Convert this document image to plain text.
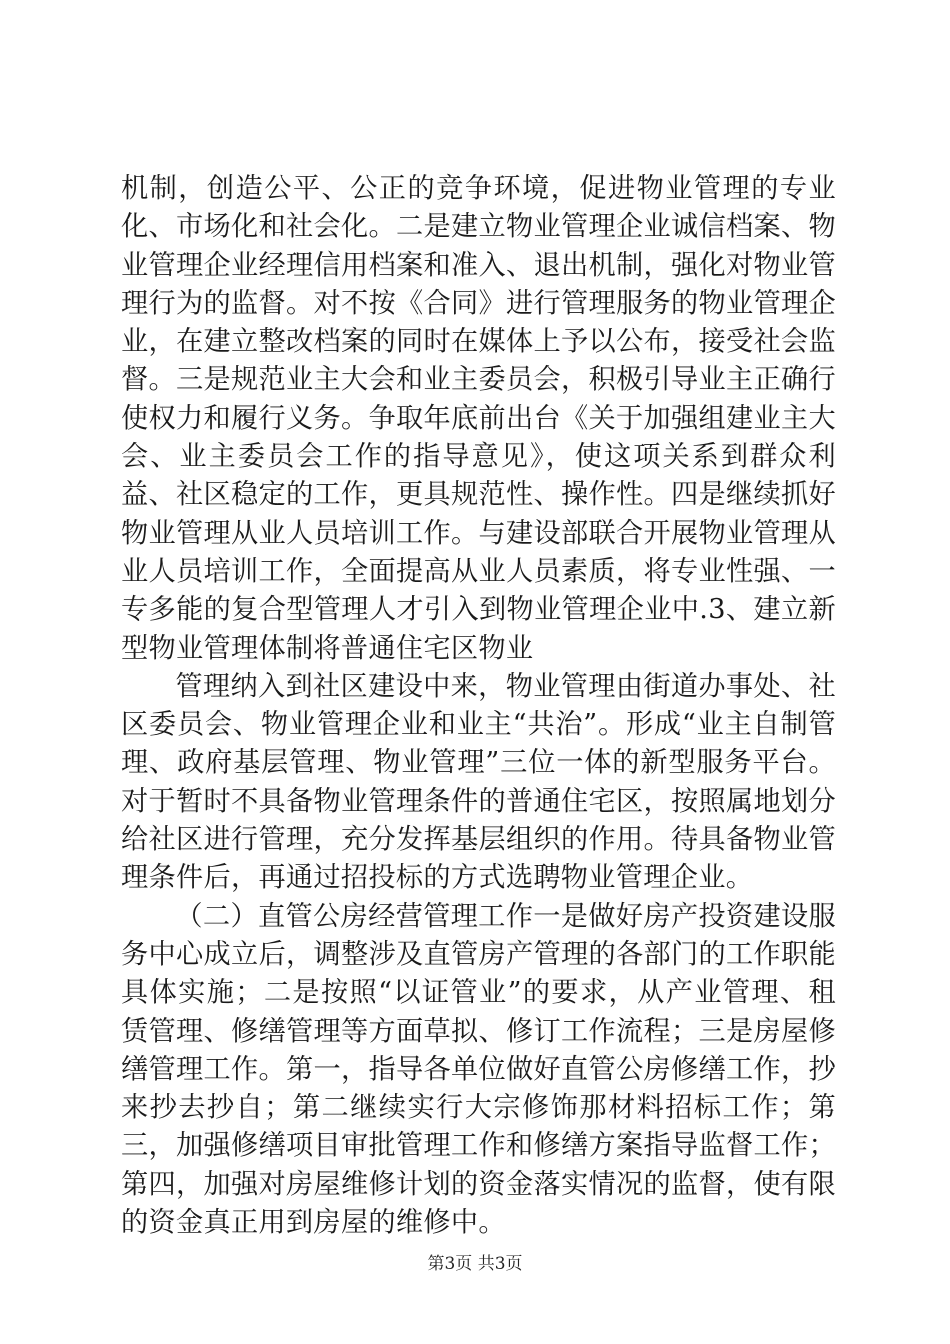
机制，创造公平、公正的竞争环境，促进物业管理的专业化、市场化和社会化。二是建立物业管理企业诚信档案、物业管理企业经理信用档案和准入、退出机制，强化对物业管理行为的监督。对不按《合同》进行管理服务的物业管理企业，在建立整改档案的同时在媒体上予以公布，接受社会监督。三是规范业主大会和业主委员会，积极引导业主正确行使权力和履行义务。争取年底前出台《关于加强组建业主大会、业主委员会工作的指导意见》，使这项关系到群众利益、社区稳定的工作，更具规范性、操作性。四是继续抓好物业管理从业人员培训工作。与建设部联合开展物业管理从业人员培训工作，全面提高从业人员素质，将专业性强、一专多能的复合型管理人才引入到物业管理企业中.3、建立新型物业管理体制将普通住宅区物业

管理纳入到社区建设中来，物业管理由街道办事处、社区委员会、物业管理企业和业主“共治”。形成“业主自制管理、政府基层管理、物业管理”三位一体的新型服务平台。对于暂时不具备物业管理条件的普通住宅区，按照属地划分给社区进行管理，充分发挥基层组织的作用。待具备物业管理条件后，再通过招投标的方式选聘物业管理企业。

（二）直管公房经营管理工作一是做好房产投资建设服务中心成立后，调整涉及直管房产管理的各部门的工作职能具体实施；二是按照“以证管业”的要求，从产业管理、租赁管理、修缮管理等方面草拟、修订工作流程；三是房屋修缮管理工作。第一，指导各单位做好直管公房修缮工作，抄来抄去抄自；第二继续实行大宗修饰那材料招标工作；第三，加强修缮项目审批管理工作和修缮方案指导监督工作；第四，加强对房屋维修计划的资金落实情况的监督，使有限的资金真正用到房屋的维修中。

第3页 共3页
